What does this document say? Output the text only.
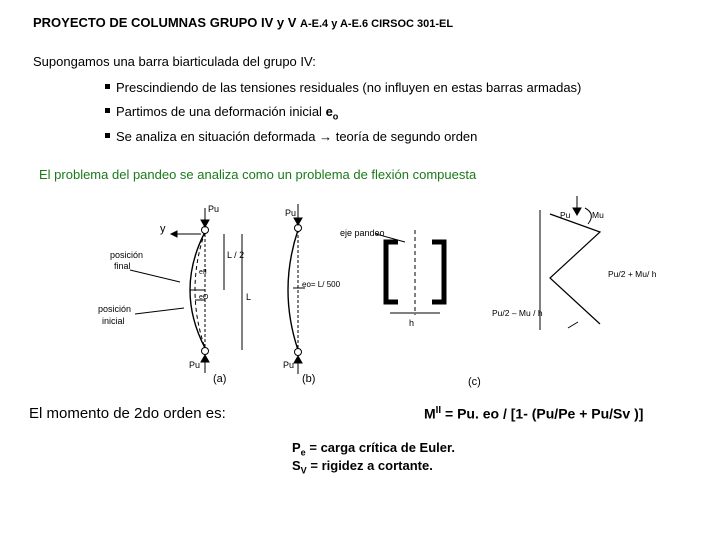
PROYECTO DE COLUMNAS GRUPO IV y V A-E.4 y A-E.6 CIRSOC 301-EL
Supongamos una barra biarticulada del grupo IV:
Prescindiendo de las tensiones residuales (no influyen en estas barras armadas)
Partimos de una deformación inicial $e_o$
Se analiza en situación deformada → teoría de segundo orden
El problema del pandeo se analiza como un problema de flexión compuesta
Pu
y
posición
final
posición
inicial
L / 2
eII
eO	L
Pu
(a)
Pu
eo= L/ 500
Pu
(b)
eje pandeo
h
(c)
Pu	Mu
Pu/2 + Mu/ h
Pu/2 – Mu / h
El momento de 2do orden es:	$M^{II} = Pu$. eo / [1- (Pu/Pe + Pu/Sv )]
$P_e$ = carga crítica de Euler.
$S_V$ = rigidez a cortante.
